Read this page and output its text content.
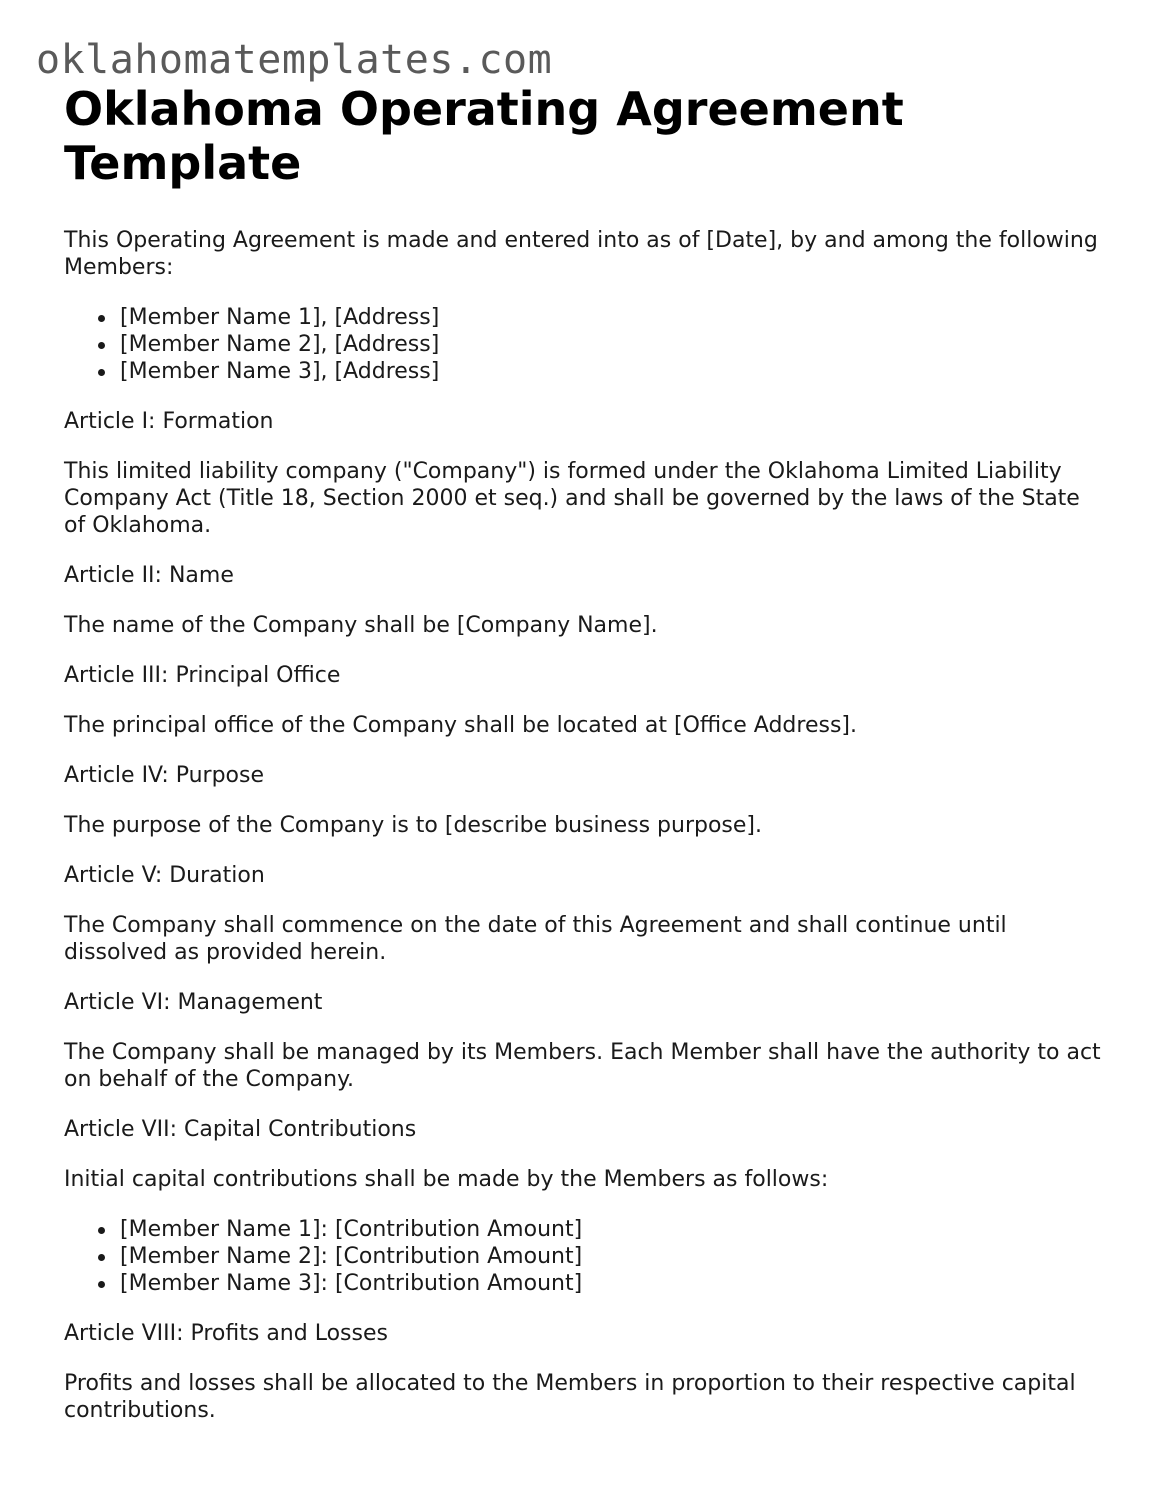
oklahomatemplates.com
Oklahoma Operating Agreement Template

This Operating Agreement is made and entered into as of [Date], by and among the following Members:

[Member Name 1], [Address]
[Member Name 2], [Address]
[Member Name 3], [Address]

Article I: Formation

This limited liability company ("Company") is formed under the Oklahoma Limited Liability Company Act (Title 18, Section 2000 et seq.) and shall be governed by the laws of the State of Oklahoma.

Article II: Name

The name of the Company shall be [Company Name].

Article III: Principal Office

The principal office of the Company shall be located at [Office Address].

Article IV: Purpose

The purpose of the Company is to [describe business purpose].

Article V: Duration

The Company shall commence on the date of this Agreement and shall continue until dissolved as provided herein.

Article VI: Management

The Company shall be managed by its Members. Each Member shall have the authority to act on behalf of the Company.

Article VII: Capital Contributions

Initial capital contributions shall be made by the Members as follows:

[Member Name 1]: [Contribution Amount]
[Member Name 2]: [Contribution Amount]
[Member Name 3]: [Contribution Amount]

Article VIII: Profits and Losses

Profits and losses shall be allocated to the Members in proportion to their respective capital contributions.
